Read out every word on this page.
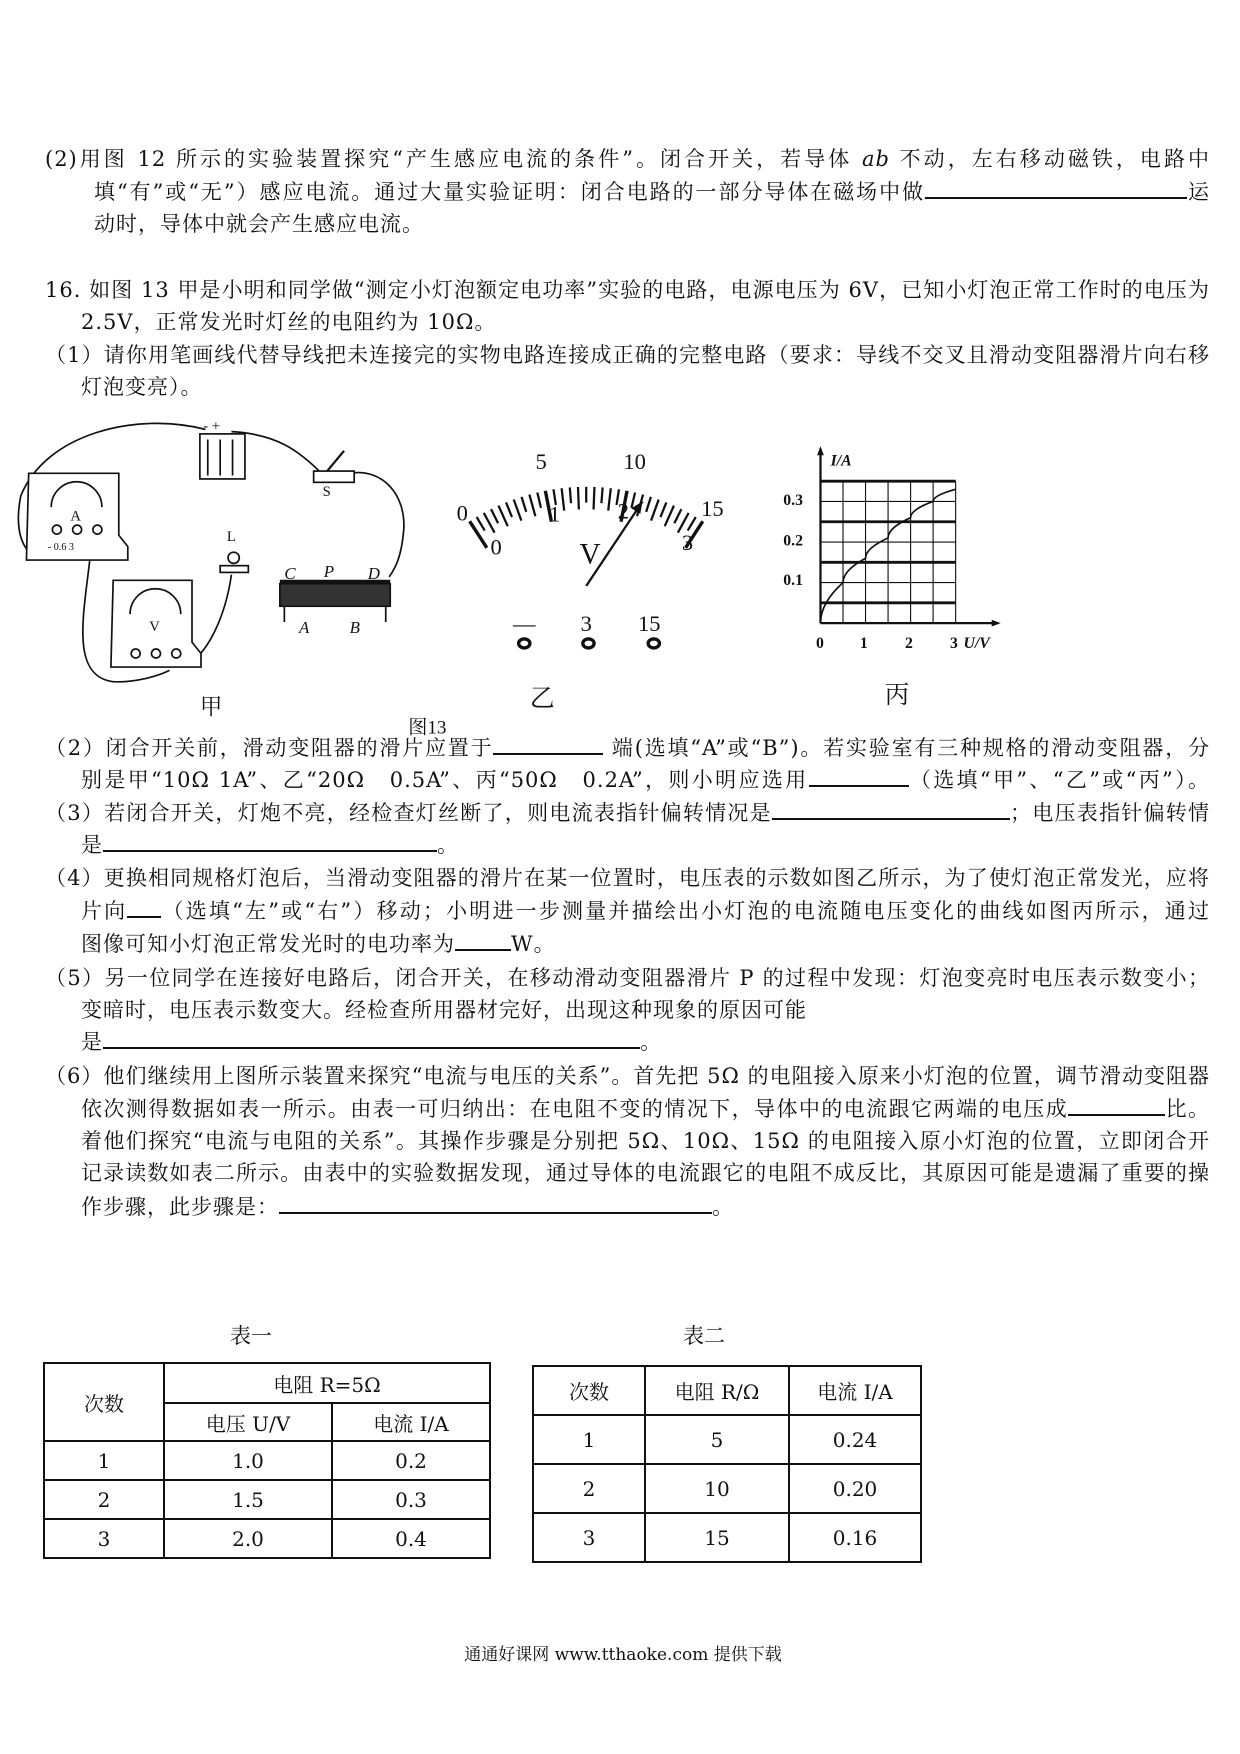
(2)用图 12 所示的实验装置探究“产生感应电流的条件”。闭合开关，若导体 ab 不动，左右移动磁铁，电路中
填“有”或“无”）感应电流。通过大量实验证明：闭合电路的一部分导体在磁场中做	运
动时，导体中就会产生感应电流。
16. 如图 13 甲是小明和同学做“测定小灯泡额定电功率”实验的电路，电源电压为 6V，已知小灯泡正常工作时的电压为
2.5V，正常发光时灯丝的电阻约为 10Ω。
（1）请你用笔画线代替导线把未连接完的实物电路连接成正确的完整电路（要求：导线不交叉且滑动变阻器滑片向右移
灯泡变亮）。
- +
S
L
A
- 0.6 3
V
C P D
A	B
甲
图13
0
5	10
15
0
1	2
3
V
— 3 15
乙
I/A
U/V
0.1
0.2
0.3
0	1	2	3
丙
（2）闭合开关前，滑动变阻器的滑片应置于	端(选填“A”或“B”)。若实验室有三种规格的滑动变阻器，分
别是甲“10Ω 1A”、乙“20Ω　0.5A”、丙“50Ω　0.2A”，则小明应选用	（选填“甲”、“乙”或“丙”）。
（3）若闭合开关，灯炮不亮，经检查灯丝断了，则电流表指针偏转情况是	；电压表指针偏转情
是	。
（4）更换相同规格灯泡后，当滑动变阻器的滑片在某一位置时，电压表的示数如图乙所示，为了使灯泡正常发光，应将
片向 （选填“左”或“右”）移动；小明进一步测量并描绘出小灯泡的电流随电压变化的曲线如图丙所示，通过
图像可知小灯泡正常发光时的电功率为	W。
（5）另一位同学在连接好电路后，闭合开关，在移动滑动变阻器滑片 P 的过程中发现：灯泡变亮时电压表示数变小；
变暗时，电压表示数变大。经检查所用器材完好，出现这种现象的原因可能
是	。
（6）他们继续用上图所示装置来探究“电流与电压的关系”。首先把 5Ω 的电阻接入原来小灯泡的位置，调节滑动变阻器
依次测得数据如表一所示。由表一可归纳出：在电阻不变的情况下，导体中的电流跟它两端的电压成	比。
着他们探究“电流与电阻的关系”。其操作步骤是分别把 5Ω、10Ω、15Ω 的电阻接入原小灯泡的位置，立即闭合开
记录读数如表二所示。由表中的实验数据发现，通过导体的电流跟它的电阻不成反比，其原因可能是遗漏了重要的操
作步骤，此步骤是：	。
表一	表二
次数	电阻 R=5Ω	
	电压 U/V	电流 I/A
1	1.0	0.2
2	1.5	0.3
3	2.0	0.4
次数	电阻 R/Ω	电流 I/A
1	5	0.24
2	10	0.20
3	15	0.16
通通好课网 www.tthaoke.com 提供下载
